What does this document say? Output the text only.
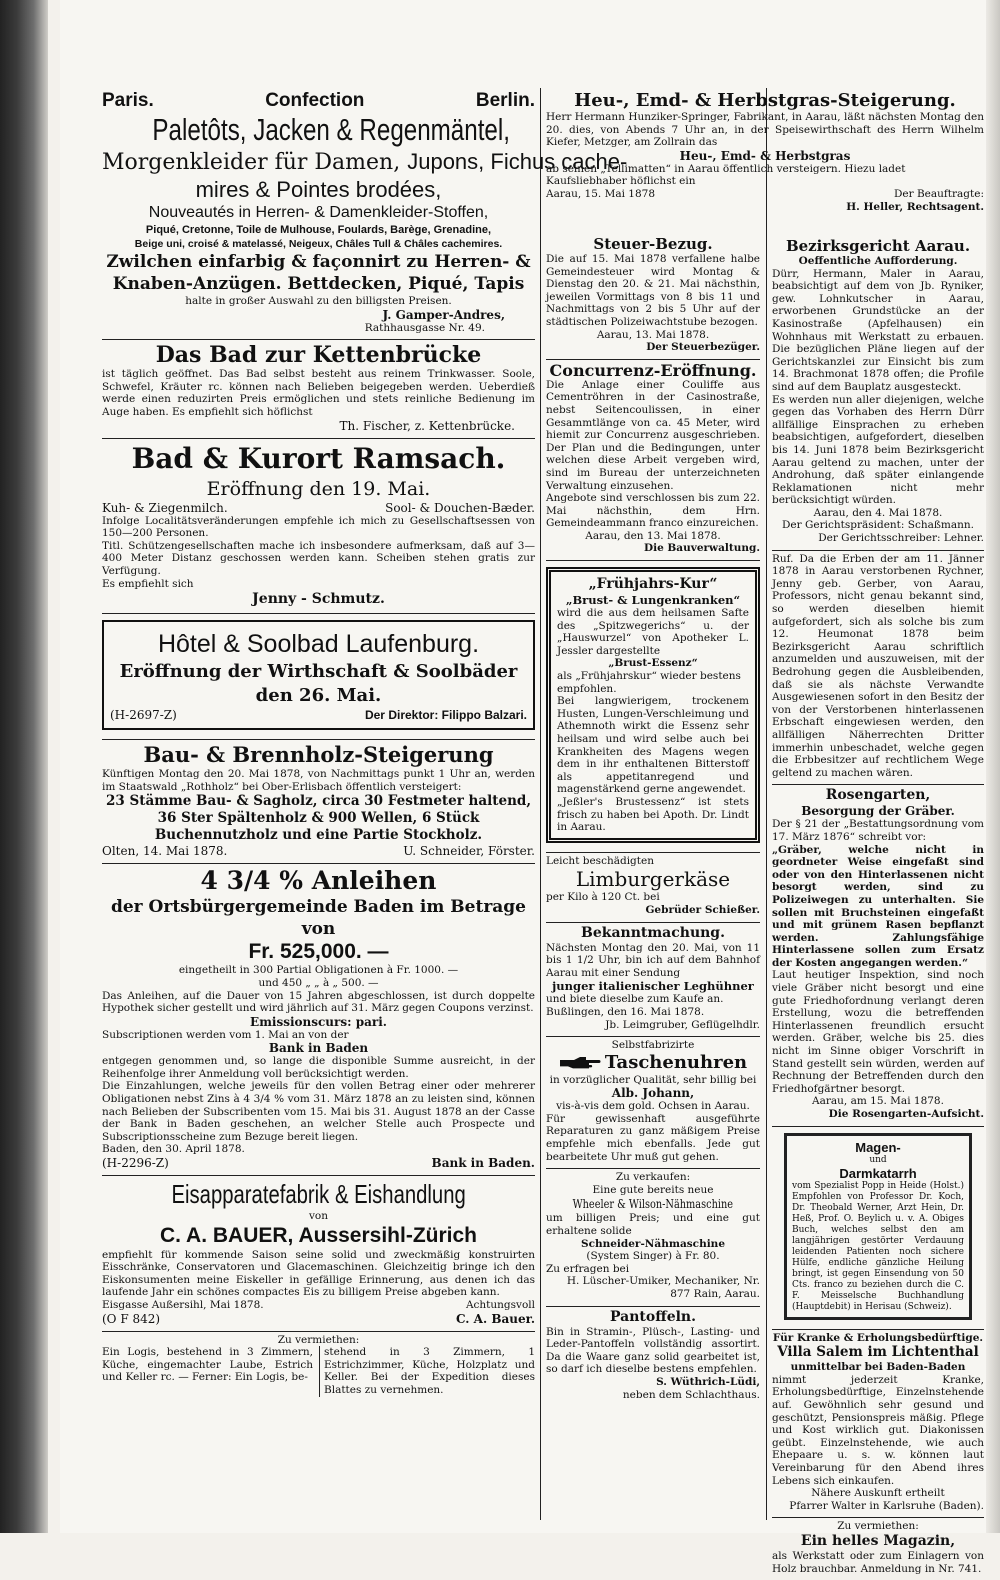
Paris.	Confection	Berlin.
Paletôts, Jacken & Regenmäntel,
Morgenkleider für Damen, Jupons, Fichus cache-
mires & Pointes brodées,
Nouveautés in Herren- & Damenkleider-Stoffen,
Piqué, Cretonne, Toile de Mulhouse, Foulards, Barège, Grenadine,
Beige uni, croisé & matelassé, Neigeux, Châles Tull & Châles cachemires.
Zwilchen einfarbig & façonnirt zu Herren- &
Knaben-Anzügen. Bettdecken, Piqué, Tapis
halte in großer Auswahl zu den billigsten Preisen.
J. Gamper-Andres,
Rathhausgasse Nr. 49.
Das Bad zur Kettenbrücke
ist täglich geöffnet. Das Bad selbst besteht aus reinem Trinkwasser. Soole, Schwefel, Kräuter rc. können nach Belieben beigegeben werden. Ueberdieß werde einen reduzirten Preis ermöglichen und stets reinliche Bedienung im Auge haben. Es empfiehlt sich höflichst
Th. Fischer, z. Kettenbrücke.
Bad & Kurort Ramsach.
Eröffnung den 19. Mai.
Kuh- & Ziegenmilch.	Sool- & Douchen-Bæder.
Infolge Localitätsveränderungen empfehle ich mich zu Gesellschaftsessen von 150—200 Personen.
Titl. Schützengesellschaften mache ich insbesondere aufmerksam, daß auf 3—400 Meter Distanz geschossen werden kann. Scheiben stehen gratis zur Verfügung.
Es empfiehlt sich
Jenny - Schmutz.
Hôtel & Soolbad Laufenburg.
Eröffnung der Wirthschaft & Soolbäder
den 26. Mai.
(H-2697-Z)	Der Direktor: Filippo Balzari.
Bau- & Brennholz-Steigerung
Künftigen Montag den 20. Mai 1878, von Nachmittags punkt 1 Uhr an, werden im Staatswald „Rothholz“ bei Ober-Erlisbach öffentlich versteigert:
23 Stämme Bau- & Sagholz, circa 30 Festmeter haltend, 36 Ster Spältenholz & 900 Wellen, 6 Stück Buchennutzholz und eine Partie Stockholz.
Olten, 14. Mai 1878.	U. Schneider, Förster.
4 3/4 % Anleihen
der Ortsbürgergemeinde Baden im Betrage von
Fr. 525,000. —
eingetheilt in 300 Partial Obligationen à Fr. 1000. —
und 450 „ „ à „ 500. —
Das Anleihen, auf die Dauer von 15 Jahren abgeschlossen, ist durch doppelte Hypothek sicher gestellt und wird jährlich auf 31. März gegen Coupons verzinst.
Emissionscurs: pari.
Subscriptionen werden vom 1. Mai an von der
Bank in Baden
entgegen genommen und, so lange die disponible Summe ausreicht, in der Reihenfolge ihrer Anmeldung voll berücksichtigt werden.
Die Einzahlungen, welche jeweils für den vollen Betrag einer oder mehrerer Obligationen nebst Zins à 4 3/4 % vom 31. März 1878 an zu leisten sind, können nach Belieben der Subscribenten vom 15. Mai bis 31. August 1878 an der Casse der Bank in Baden geschehen, an welcher Stelle auch Prospecte und Subscriptionsscheine zum Bezuge bereit liegen.
Baden, den 30. April 1878.
(H-2296-Z)	Bank in Baden.
Eisapparatefabrik & Eishandlung
von
C. A. BAUER, Aussersihl-Zürich
empfiehlt für kommende Saison seine solid und zweckmäßig konstruirten Eisschränke, Conservatoren und Glacemaschinen. Gleichzeitig bringe ich den Eiskonsumenten meine Eiskeller in gefällige Erinnerung, aus denen ich das laufende Jahr ein schönes compactes Eis zu billigem Preise abgeben kann.
Eisgasse Außersihl, Mai 1878.	Achtungsvoll
(O F 842)	C. A. Bauer.
Zu vermiethen:
Ein Logis, bestehend in 3 Zimmern, Küche, eingemachter Laube, Estrich und Keller rc. — Ferner: Ein Logis, be-
stehend in 3 Zimmern, 1 Estrichzimmer, Küche, Holzplatz und Keller. Bei der Expedition dieses Blattes zu vernehmen.
Steuer-Bezug.
Die auf 15. Mai 1878 verfallene halbe Gemeindesteuer wird Montag & Dienstag den 20. & 21. Mai nächsthin, jeweilen Vormittags von 8 bis 11 und Nachmittags von 2 bis 5 Uhr auf der städtischen Polizeiwachtstube bezogen.
Aarau, 13. Mai 1878.
Der Steuerbezüger.
Concurrenz-Eröffnung.
Die Anlage einer Couliffe aus Cementröhren in der Casinostraße, nebst Seitencoulissen, in einer Gesammtlänge von ca. 45 Meter, wird hiemit zur Concurrenz ausgeschrieben. Der Plan und die Bedingungen, unter welchen diese Arbeit vergeben wird, sind im Bureau der unterzeichneten Verwaltung einzusehen.
Angebote sind verschlossen bis zum 22. Mai nächsthin, dem Hrn. Gemeindeammann franco einzureichen.
Aarau, den 13. Mai 1878.
Die Bauverwaltung.
„Frühjahrs-Kur“
„Brust- & Lungenkranken“
wird die aus dem heilsamen Safte des „Spitzwegerichs“ u. der „Hauswurzel“ von Apotheker L. Jessler dargestellte
„Brust-Essenz“
als „Frühjahrskur“ wieder bestens empfohlen.
Bei langwierigem, trockenem Husten, Lungen-Verschleimung und Athemnoth wirkt die Essenz sehr heilsam und wird selbe auch bei Krankheiten des Magens wegen dem in ihr enthaltenen Bitterstoff als appetitanregend und magenstärkend gerne angewendet.
„Jeßler's Brustessenz“ ist stets frisch zu haben bei Apoth. Dr. Lindt in Aarau.
Leicht beschädigten
Limburgerkäse
per Kilo à 120 Ct. bei
Gebrüder Schießer.
Bekanntmachung.
Nächsten Montag den 20. Mai, von 11 bis 1 1/2 Uhr, bin ich auf dem Bahnhof Aarau mit einer Sendung
junger italienischer Leghühner
und biete dieselbe zum Kaufe an.
Bußlingen, den 16. Mai 1878.
Jb. Leimgruber, Geflügelhdlr.
Selbstfabrizirte
Taschenuhren
in vorzüglicher Qualität, sehr billig bei
Alb. Johann,
vis-à-vis dem gold. Ochsen in Aarau.
Für gewissenhaft ausgeführte Reparaturen zu ganz mäßigem Preise empfehle mich ebenfalls. Jede gut bearbeitete Uhr muß gut gehen.
Zu verkaufen:
Eine gute bereits neue
Wheeler & Wilson-Nähmaschine
um billigen Preis; und eine gut erhaltene solide
Schneider-Nähmaschine
(System Singer) à Fr. 80.
Zu erfragen bei
H. Lüscher-Umiker, Mechaniker, Nr. 877 Rain, Aarau.
Pantoffeln.
Bin in Stramin-, Plüsch-, Lasting- und Leder-Pantoffeln vollständig assortirt. Da die Waare ganz solid gearbeitet ist, so darf ich dieselbe bestens empfehlen.
S. Wüthrich-Lüdi,
neben dem Schlachthaus.
Heu-, Emd- & Herbstgras-Steigerung.
Herr Hermann Hunziker-Springer, Fabrikant, in Aarau, läßt nächsten Montag den 20. dies, von Abends 7 Uhr an, in der Speisewirthschaft des Herrn Wilhelm Kiefer, Metzger, am Zollrain das
Heu-, Emd- & Herbstgras
ab seinen „Tellimatten“ in Aarau öffentlich versteigern. Hiezu ladet Kaufsliebhaber höflichst ein
Aarau, 15. Mai 1878	Der Beauftragte:
H. Heller, Rechtsagent.
Bezirksgericht Aarau.
Oeffentliche Aufforderung.
Dürr, Hermann, Maler in Aarau, beabsichtigt auf dem von Jb. Ryniker, gew. Lohnkutscher in Aarau, erworbenen Grundstücke an der Kasinostraße (Apfelhausen) ein Wohnhaus mit Werkstatt zu erbauen. Die bezüglichen Pläne liegen auf der Gerichtskanzlei zur Einsicht bis zum 14. Brachmonat 1878 offen; die Profile sind auf dem Bauplatz ausgesteckt.
Es werden nun aller diejenigen, welche gegen das Vorhaben des Herrn Dürr allfällige Einsprachen zu erheben beabsichtigen, aufgefordert, dieselben bis 14. Juni 1878 beim Bezirksgericht Aarau geltend zu machen, unter der Androhung, daß später einlangende Reklamationen nicht mehr berücksichtigt würden.
Aarau, den 4. Mai 1878.
Der Gerichtspräsident: Schaßmann.
Der Gerichtsschreiber: Lehner.
Ruf. Da die Erben der am 11. Jänner 1878 in Aarau verstorbenen Rychner, Jenny geb. Gerber, von Aarau, Professors, nicht genau bekannt sind, so werden dieselben hiemit aufgefordert, sich als solche bis zum 12. Heumonat 1878 beim Bezirksgericht Aarau schriftlich anzumelden und auszuweisen, mit der Bedrohung gegen die Ausbleibenden, daß sie als nächste Verwandte Ausgewiesenen sofort in den Besitz der von der Verstorbenen hinterlassenen Erbschaft eingewiesen werden, den allfälligen Näherrechten Dritter immerhin unbeschadet, welche gegen die Erbbesitzer auf rechtlichem Wege geltend zu machen wären.
Rosengarten,
Besorgung der Gräber.
Der § 21 der „Bestattungsordnung vom 17. März 1876“ schreibt vor:
„Gräber, welche nicht in geordneter Weise eingefaßt sind oder von den Hinterlassenen nicht besorgt werden, sind zu Polizeiwegen zu unterhalten. Sie sollen mit Bruchsteinen eingefaßt und mit grünem Rasen bepflanzt werden. Zahlungsfähige Hinterlassene sollen zum Ersatz der Kosten angegangen werden.“
Laut heutiger Inspektion, sind noch viele Gräber nicht besorgt und eine gute Friedhofordnung verlangt deren Erstellung, wozu die betreffenden Hinterlassenen freundlich ersucht werden. Gräber, welche bis 25. dies nicht im Sinne obiger Vorschrift in Stand gestellt sein würden, werden auf Rechnung der Betreffenden durch den Friedhofgärtner besorgt.
Aarau, am 15. Mai 1878.
Die Rosengarten-Aufsicht.
Magen-
und
Darmkatarrh
vom Spezialist Popp in Heide (Holst.) Empfohlen von Professor Dr. Koch, Dr. Theobald Werner, Arzt Hein, Dr. Heß, Prof. O. Beylich u. v. A. Obiges Buch, welches selbst den am langjährigen gestörter Verdauung leidenden Patienten noch sichere Hülfe, endliche gänzliche Heilung bringt, ist gegen Einsendung von 50 Cts. franco zu beziehen durch die C. F. Meisselsche Buchhandlung (Hauptdebit) in Herisau (Schweiz).
Für Kranke & Erholungsbedürftige.
Villa Salem im Lichtenthal
unmittelbar bei Baden-Baden
nimmt jederzeit Kranke, Erholungsbedürftige, Einzelnstehende auf. Gewöhnlich sehr gesund und geschützt, Pensionspreis mäßig. Pflege und Kost wirklich gut. Diakonissen geübt. Einzelnstehende, wie auch Ehepaare u. s. w. können laut Vereinbarung für den Abend ihres Lebens sich einkaufen.
Nähere Auskunft ertheilt
Pfarrer Walter in Karlsruhe (Baden).
Zu vermiethen:
Ein helles Magazin,
als Werkstatt oder zum Einlagern von Holz brauchbar. Anmeldung in Nr. 741.
